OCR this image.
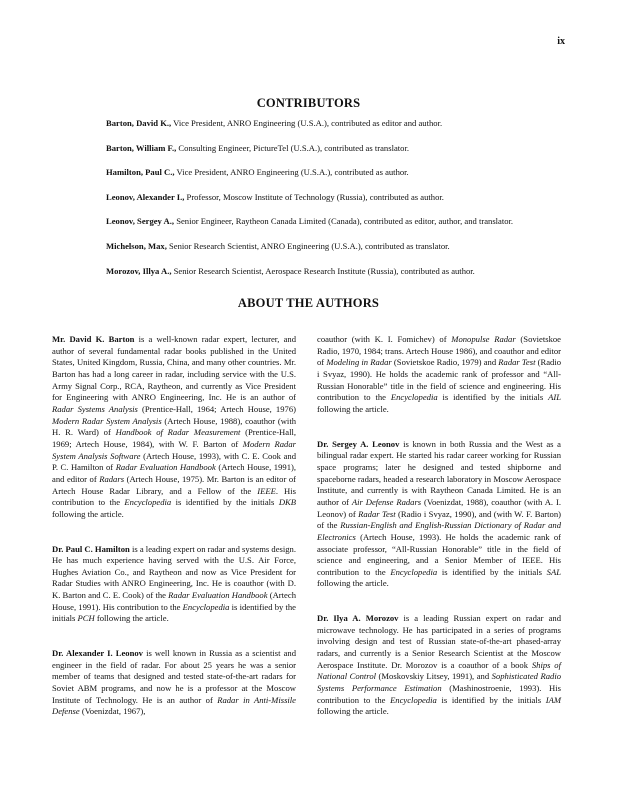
ix
CONTRIBUTORS

Barton, David K., Vice President, ANRO Engineering (U.S.A.), contributed as editor and author.

Barton, William F., Consulting Engineer, PictureTel (U.S.A.), contributed as translator.

Hamilton, Paul C., Vice President, ANRO Engineering (U.S.A.), contributed as author.

Leonov, Alexander I., Professor, Moscow Institute of Technology (Russia), contributed as author.

Leonov, Sergey A., Senior Engineer, Raytheon Canada Limited (Canada), contributed as editor, author, and translator.

Michelson, Max, Senior Research Scientist, ANRO Engineering (U.S.A.), contributed as translator.

Morozov, Illya A., Senior Research Scientist, Aerospace Research Institute (Russia), contributed as author.

ABOUT THE AUTHORS

Mr. David K. Barton is a well-known radar expert, lecturer, and author of several fundamental radar books published in the United States, United Kingdom, Russia, China, and many other countries. Mr. Barton has had a long career in radar, including service with the U.S. Army Signal Corp., RCA, Raytheon, and currently as Vice President for Engineering with ANRO Engineering, Inc. He is an author of Radar Systems Analysis (Prentice-Hall, 1964; Artech House, 1976) Modern Radar System Analysis (Artech House, 1988), coauthor (with H. R. Ward) of Handbook of Radar Measurement (Prentice-Hall, 1969; Artech House, 1984), with W. F. Barton of Modern Radar System Analysis Software (Artech House, 1993), with C. E. Cook and P. C. Hamilton of Radar Evaluation Handbook (Artech House, 1991), and editor of Radars (Artech House, 1975). Mr. Barton is an editor of Artech House Radar Library, and a Fellow of the IEEE. His contribution to the Encyclopedia is identified by the initials DKB following the article.

Dr. Paul C. Hamilton is a leading expert on radar and systems design. He has much experience having served with the U.S. Air Force, Hughes Aviation Co., and Raytheon and now as Vice President for Radar Studies with ANRO Engineering, Inc. He is coauthor (with D. K. Barton and C. E. Cook) of the Radar Evaluation Handbook (Artech House, 1991). His contribution to the Encyclopedia is identified by the initials PCH following the article.

Dr. Alexander I. Leonov is well known in Russia as a scientist and engineer in the field of radar. For about 25 years he was a senior member of teams that designed and tested state-of-the-art radars for Soviet ABM programs, and now he is a professor at the Moscow Institute of Technology. He is an author of Radar in Anti-Missile Defense (Voenizdat, 1967),

coauthor (with K. I. Fomichev) of Monopulse Radar (Sovietskoe Radio, 1970, 1984; trans. Artech House 1986), and coauthor and editor of Modeling in Radar (Sovietskoe Radio, 1979) and Radar Test (Radio i Svyaz, 1990). He holds the academic rank of professor and “All-Russian Honorable” title in the field of science and engineering. His contribution to the Encyclopedia is identified by the initials AIL following the article.

Dr. Sergey A. Leonov is known in both Russia and the West as a bilingual radar expert. He started his radar career working for Russian space programs; later he designed and tested shipborne and spaceborne radars, headed a research laboratory in Moscow Aerospace Institute, and currently is with Raytheon Canada Limited. He is an author of Air Defense Radars (Voenizdat, 1988), coauthor (with A. I. Leonov) of Radar Test (Radio i Svyaz, 1990), and (with W. F. Barton) of the Russian-English and English-Russian Dictionary of Radar and Electronics (Artech House, 1993). He holds the academic rank of associate professor, “All-Russian Honorable” title in the field of science and engineering, and a Senior Member of IEEE. His contribution to the Encyclopedia is identified by the initials SAL following the article.

Dr. Ilya A. Morozov is a leading Russian expert on radar and microwave technology. He has participated in a series of programs involving design and test of Russian state-of-the-art phased-array radars, and currently is a Senior Research Scientist at the Moscow Aerospace Institute. Dr. Morozov is a coauthor of a book Ships of National Control (Moskovskiy Litsey, 1991), and Sophisticated Radio Systems Performance Estimation (Mashinostroenie, 1993). His contribution to the Encyclopedia is identified by the initials IAM following the article.
